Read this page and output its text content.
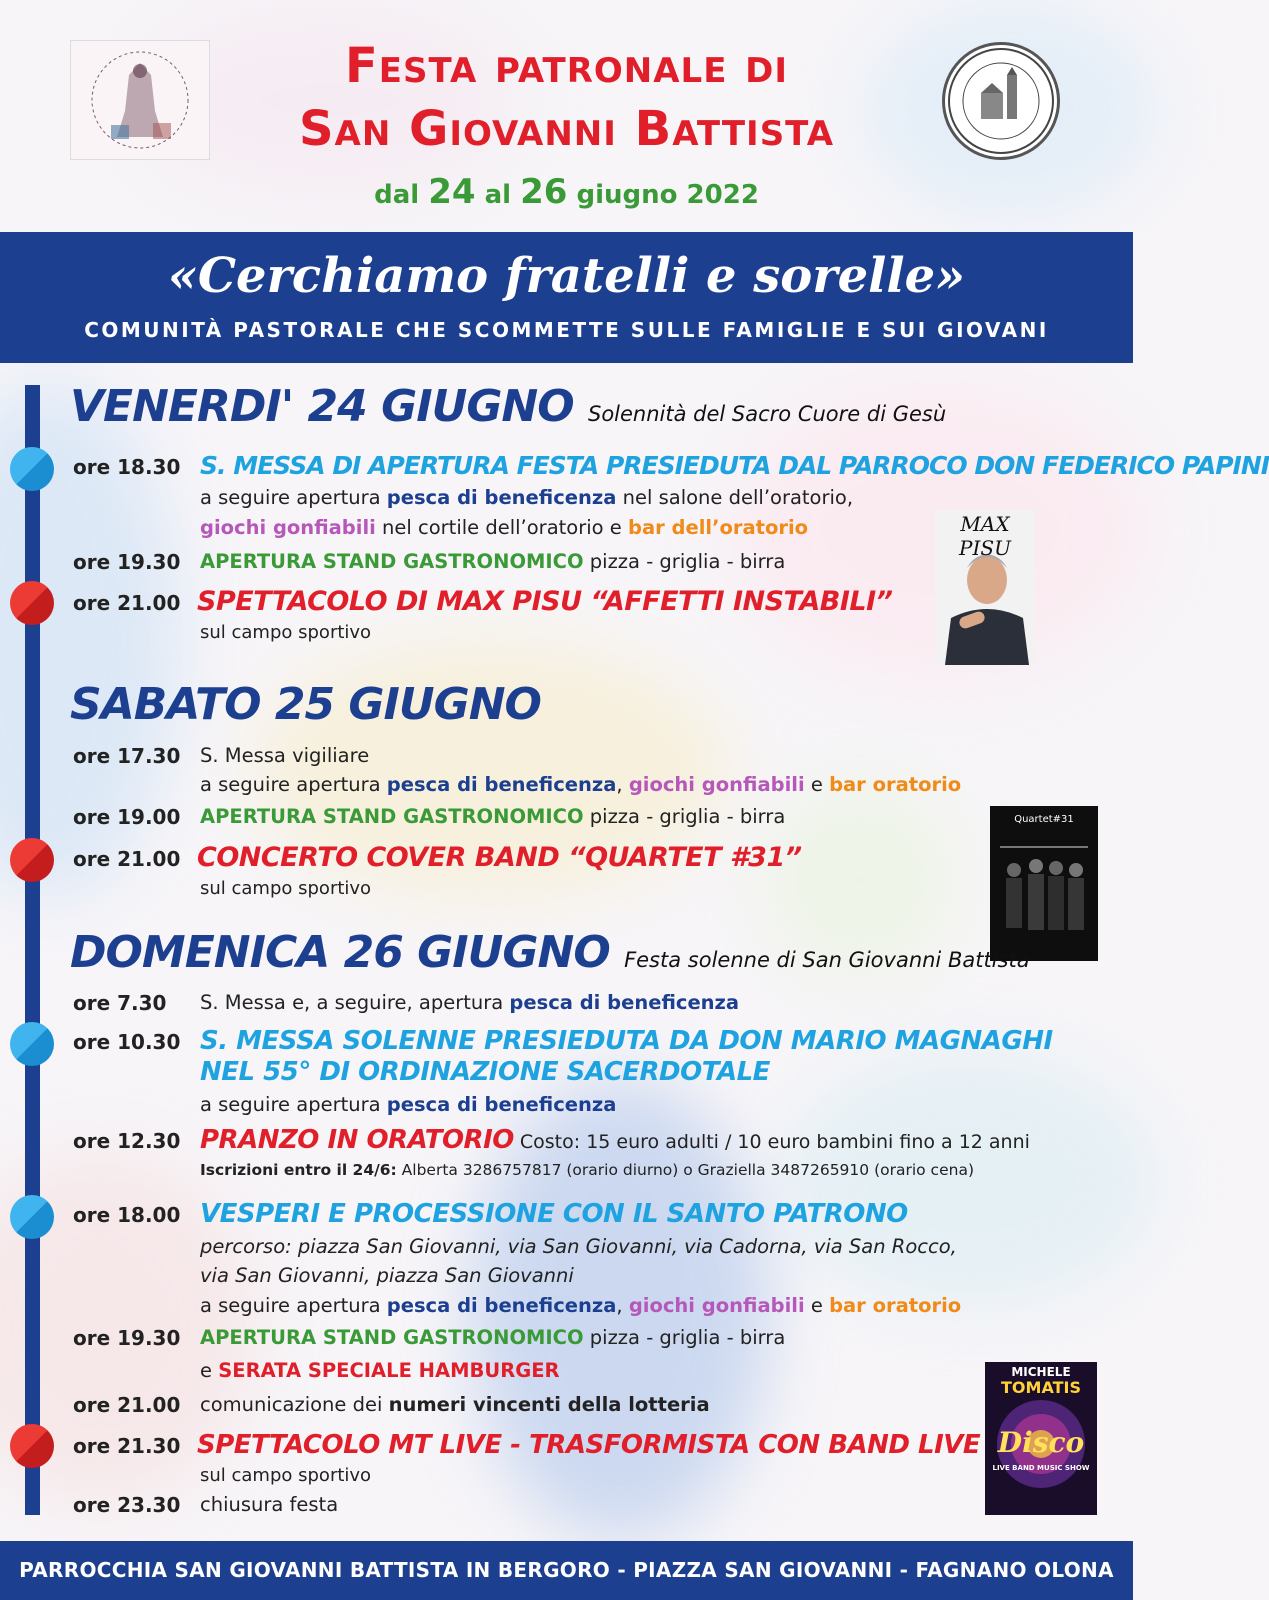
Festa patronale di
San Giovanni Battista
dal 24 al 26 giugno 2022
«Cerchiamo fratelli e sorelle»
COMUNITÀ PASTORALE CHE SCOMMETTE SULLE FAMIGLIE E SUI GIOVANI
VENERDI' 24 GIUGNO Solennità del Sacro Cuore di Gesù
ore 18.30 S. MESSA DI APERTURA FESTA PRESIEDUTA DAL PARROCO DON FEDERICO PAPINI
a seguire apertura pesca di beneficenza nel salone dell’oratorio,
giochi gonfiabili nel cortile dell’oratorio e bar dell’oratorio
ore 19.30 APERTURA STAND GASTRONOMICO pizza - griglia - birra
ore 21.00 SPETTACOLO DI MAX PISU “AFFETTI INSTABILI”
sul campo sportivo
MAX PISU
SABATO 25 GIUGNO
ore 17.30 S. Messa vigiliare
a seguire apertura pesca di beneficenza, giochi gonfiabili e bar oratorio
ore 19.00 APERTURA STAND GASTRONOMICO pizza - griglia - birra
ore 21.00 CONCERTO COVER BAND “QUARTET #31”
sul campo sportivo
Quartet#31
DOMENICA 26 GIUGNO Festa solenne di San Giovanni Battista
ore 7.30 S. Messa e, a seguire, apertura pesca di beneficenza
ore 10.30 S. MESSA SOLENNE PRESIEDUTA DA DON MARIO MAGNAGHI
NEL 55° DI ORDINAZIONE SACERDOTALE
a seguire apertura pesca di beneficenza
ore 12.30 PRANZO IN ORATORIO Costo: 15 euro adulti / 10 euro bambini fino a 12 anni
Iscrizioni entro il 24/6: Alberta 3286757817 (orario diurno) o Graziella 3487265910 (orario cena)
ore 18.00 VESPERI E PROCESSIONE CON IL SANTO PATRONO
percorso: piazza San Giovanni, via San Giovanni, via Cadorna, via San Rocco,
via San Giovanni, piazza San Giovanni
a seguire apertura pesca di beneficenza, giochi gonfiabili e bar oratorio
ore 19.30 APERTURA STAND GASTRONOMICO pizza - griglia - birra
e SERATA SPECIALE HAMBURGER
ore 21.00 comunicazione dei numeri vincenti della lotteria
ore 21.30 SPETTACOLO MT LIVE - TRASFORMISTA CON BAND LIVE
sul campo sportivo
ore 23.30 chiusura festa
MICHELE
TOMATIS
Disco
LIVE BAND MUSIC SHOW
PARROCCHIA SAN GIOVANNI BATTISTA IN BERGORO - PIAZZA SAN GIOVANNI - FAGNANO OLONA
